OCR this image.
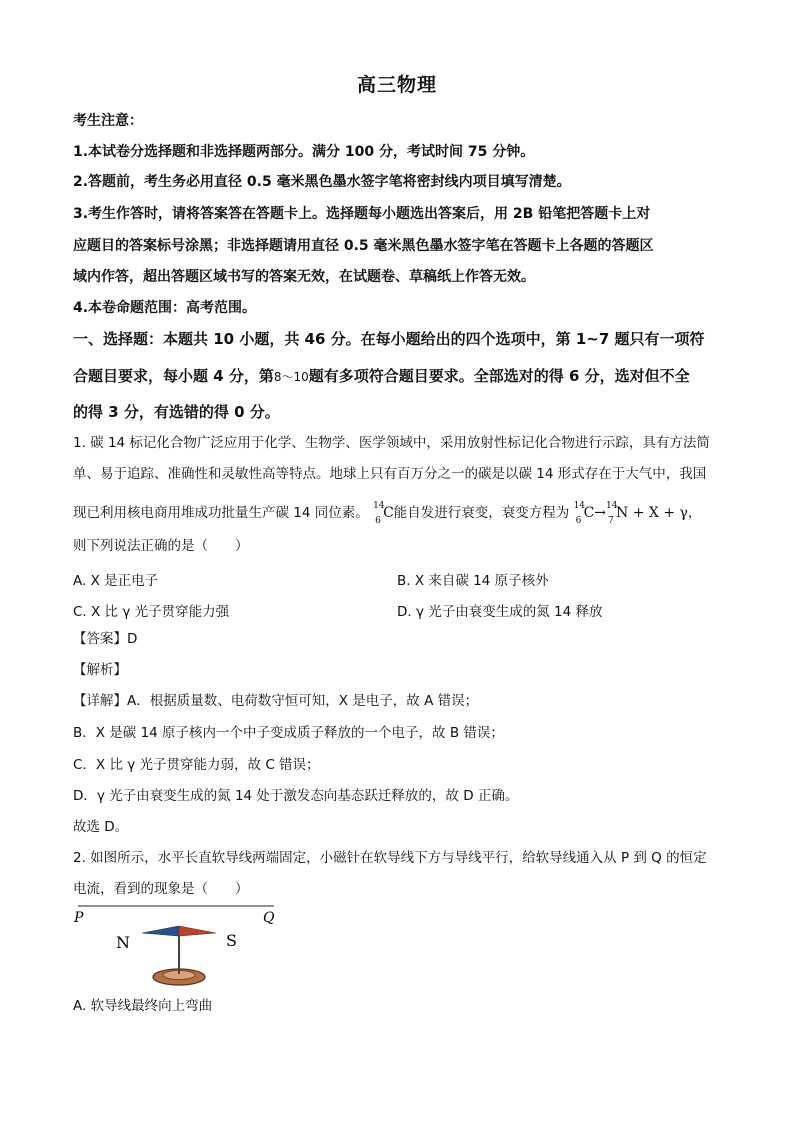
高三物理
考生注意：
1.本试卷分选择题和非选择题两部分。满分 100 分，考试时间 75 分钟。
2.答题前，考生务必用直径 0.5 毫米黑色墨水签字笔将密封线内项目填写清楚。
3.考生作答时，请将答案答在答题卡上。选择题每小题选出答案后，用 2B 铅笔把答题卡上对
应题目的答案标号涂黑；非选择题请用直径 0.5 毫米黑色墨水签字笔在答题卡上各题的答题区
域内作答，超出答题区域书写的答案无效，在试题卷、草稿纸上作答无效。
4.本卷命题范围：高考范围。
一、选择题：本题共 10 小题，共 46 分。在每小题给出的四个选项中，第 1~7 题只有一项符
合题目要求，每小题 4 分，第8～10题有多项符合题目要求。全部选对的得 6 分，选对但不全
的得 3 分，有选错的得 0 分。
1. 碳 14 标记化合物广泛应用于化学、生物学、医学领域中，采用放射性标记化合物进行示踪，具有方法简
单、易于追踪、准确性和灵敏性高等特点。地球上只有百万分之一的碳是以碳 14 形式存在于大气中，我国
现已利用核电商用堆成功批量生产碳 14 同位素。 14
6 C能自发进行衰变，衰变方程为 14
6 C→ 14
7 N + X + γ，
则下列说法正确的是（　　）
A. X 是正电子	B. X 来自碳 14 原子核外
C. X 比 γ 光子贯穿能力强	D. γ 光子由衰变生成的氮 14 释放
【答案】D
【解析】
【详解】A．根据质量数、电荷数守恒可知，X 是电子，故 A 错误；
B．X 是碳 14 原子核内一个中子变成质子释放的一个电子，故 B 错误；
C．X 比 γ 光子贯穿能力弱，故 C 错误；
D．γ 光子由衰变生成的氮 14 处于激发态向基态跃迁释放的，故 D 正确。
故选 D。
2. 如图所示，水平长直软导线两端固定，小磁针在软导线下方与导线平行，给软导线通入从 P 到 Q 的恒定
电流，看到的现象是（　　）
P	Q
N	S
A. 软导线最终向上弯曲
